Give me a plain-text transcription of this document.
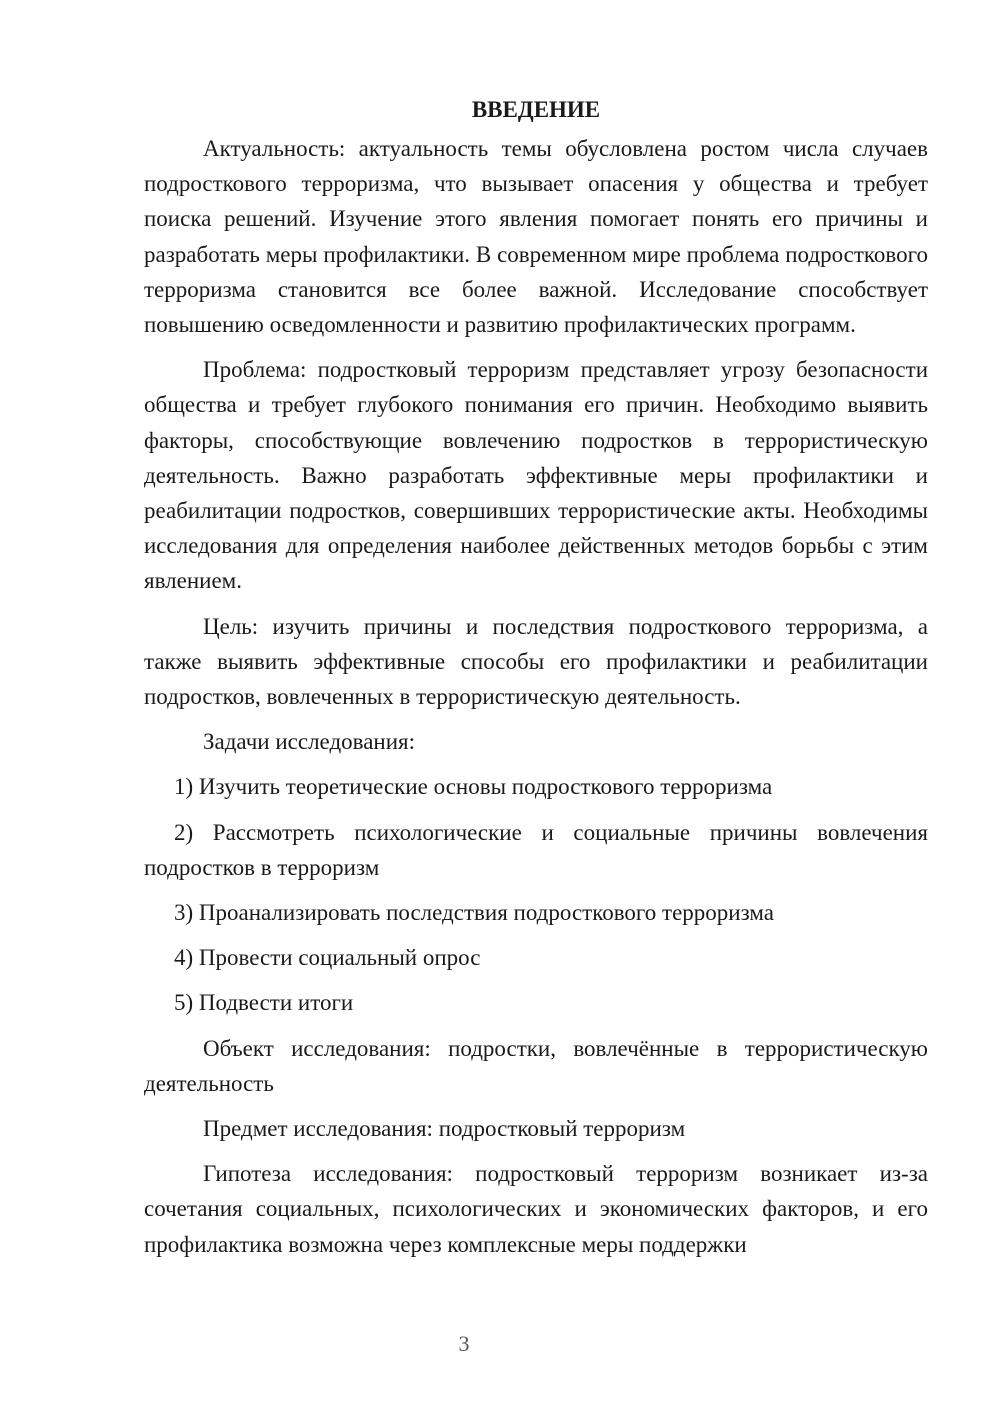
ВВЕДЕНИЕ

Актуальность: актуальность темы обусловлена ростом числа случаев подросткового терроризма, что вызывает опасения у общества и требует поиска решений. Изучение этого явления помогает понять его причины и разработать меры профилактики. В современном мире проблема подросткового терроризма становится все более важной. Исследование способствует повышению осведомленности и развитию профилактических программ.

Проблема: подростковый терроризм представляет угрозу безопасности общества и требует глубокого понимания его причин. Необходимо выявить факторы, способствующие вовлечению подростков в террористическую деятельность. Важно разработать эффективные меры профилактики и реабилитации подростков, совершивших террористические акты. Необходимы исследования для определения наиболее действенных методов борьбы с этим явлением.

Цель: изучить причины и последствия подросткового терроризма, а также выявить эффективные способы его профилактики и реабилитации подростков, вовлеченных в террористическую деятельность.

Задачи исследования:

1) Изучить теоретические основы подросткового терроризма

2) Рассмотреть психологические и социальные причины вовлечения подростков в терроризм

3) Проанализировать последствия подросткового терроризма

4) Провести социальный опрос

5) Подвести итоги

Объект исследования: подростки, вовлечённые в террористическую деятельность

Предмет исследования: подростковый терроризм

Гипотеза исследования: подростковый терроризм возникает из-за сочетания социальных, психологических и экономических факторов, и его профилактика возможна через комплексные меры поддержки

3
